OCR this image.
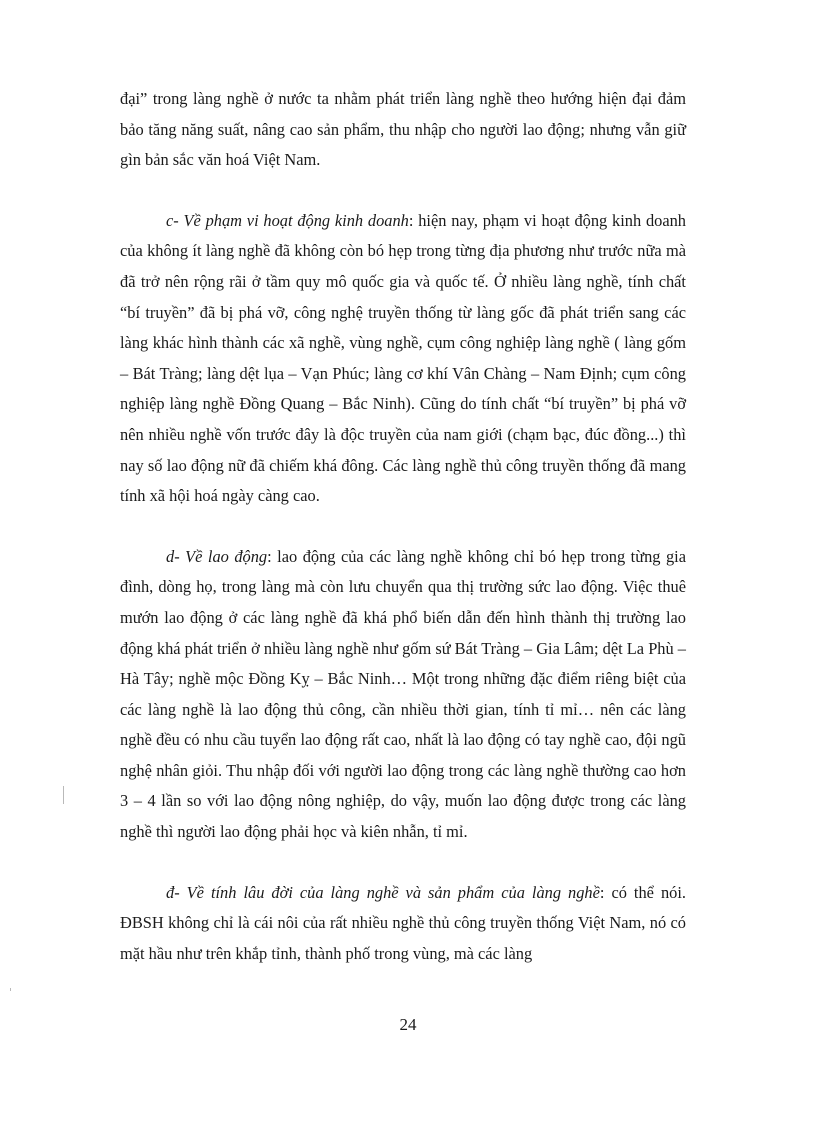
đại” trong làng nghề ở nước ta nhằm phát triển làng nghề theo hướng hiện đại đảm bảo tăng năng suất, nâng cao sản phẩm, thu nhập cho người lao động; nhưng vẫn giữ gìn bản sắc văn hoá Việt Nam.

c- Về phạm vi hoạt động kinh doanh: hiện nay, phạm vi hoạt động kinh doanh của không ít làng nghề đã không còn bó hẹp trong từng địa phương như trước nữa mà đã trở nên rộng rãi ở tầm quy mô quốc gia và quốc tế. Ở nhiều làng nghề, tính chất “bí truyền” đã bị phá vỡ, công nghệ truyền thống từ làng gốc đã phát triển sang các làng khác hình thành các xã nghề, vùng nghề, cụm công nghiệp làng nghề ( làng gốm – Bát Tràng; làng dệt lụa – Vạn Phúc; làng cơ khí Vân Chàng – Nam Định; cụm công nghiệp làng nghề Đồng Quang – Bắc Ninh). Cũng do tính chất “bí truyền” bị phá vỡ nên nhiều nghề vốn trước đây là độc truyền của nam giới (chạm bạc, đúc đồng...) thì nay số lao động nữ đã chiếm khá đông. Các làng nghề thủ công truyền thống đã mang tính xã hội hoá ngày càng cao.

d- Về lao động: lao động của các làng nghề không chỉ bó hẹp trong từng gia đình, dòng họ, trong làng mà còn lưu chuyển qua thị trường sức lao động. Việc thuê mướn lao động ở các làng nghề đã khá phổ biến dẫn đến hình thành thị trường lao động khá phát triển ở nhiều làng nghề như gốm sứ Bát Tràng – Gia Lâm; dệt La Phù – Hà Tây; nghề mộc Đồng Kỵ – Bắc Ninh… Một trong những đặc điểm riêng biệt của các làng nghề là lao động thủ công, cần nhiều thời gian, tính tỉ mỉ… nên các làng nghề đều có nhu cầu tuyển lao động rất cao, nhất là lao động có tay nghề cao, đội ngũ nghệ nhân giỏi. Thu nhập đối với người lao động trong các làng nghề thường cao hơn 3 – 4 lần so với lao động nông nghiệp, do vậy, muốn lao động được trong các làng nghề thì người lao động phải học và kiên nhẫn, tỉ mỉ.

đ- Về tính lâu đời của làng nghề và sản phẩm của làng nghề: có thể nói. ĐBSH không chỉ là cái nôi của rất nhiều nghề thủ công truyền thống Việt Nam, nó có mặt hầu như trên khắp tỉnh, thành phố trong vùng, mà các làng

24
